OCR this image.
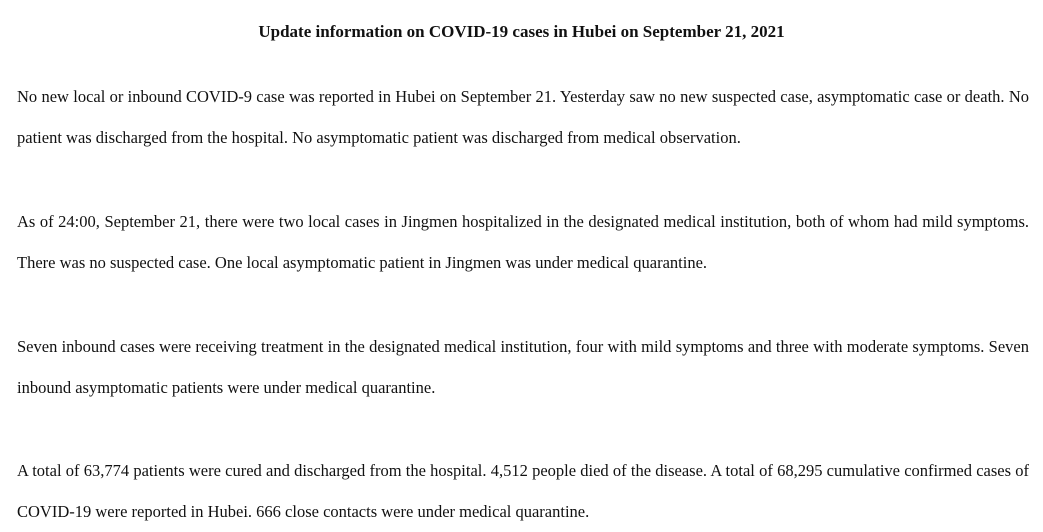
Update information on COVID-19 cases in Hubei on September 21, 2021

No new local or inbound COVID-9 case was reported in Hubei on September 21. Yesterday saw no new suspected case, asymptomatic case or death. No patient was discharged from the hospital. No asymptomatic patient was discharged from medical observation.

As of 24:00, September 21, there were two local cases in Jingmen hospitalized in the designated medical institution, both of whom had mild symptoms. There was no suspected case. One local asymptomatic patient in Jingmen was under medical quarantine.

Seven inbound cases were receiving treatment in the designated medical institution, four with mild symptoms and three with moderate symptoms. Seven inbound asymptomatic patients were under medical quarantine.

A total of 63,774 patients were cured and discharged from the hospital. 4,512 people died of the disease. A total of 68,295 cumulative confirmed cases of COVID-19 were reported in Hubei. 666 close contacts were under medical quarantine.
